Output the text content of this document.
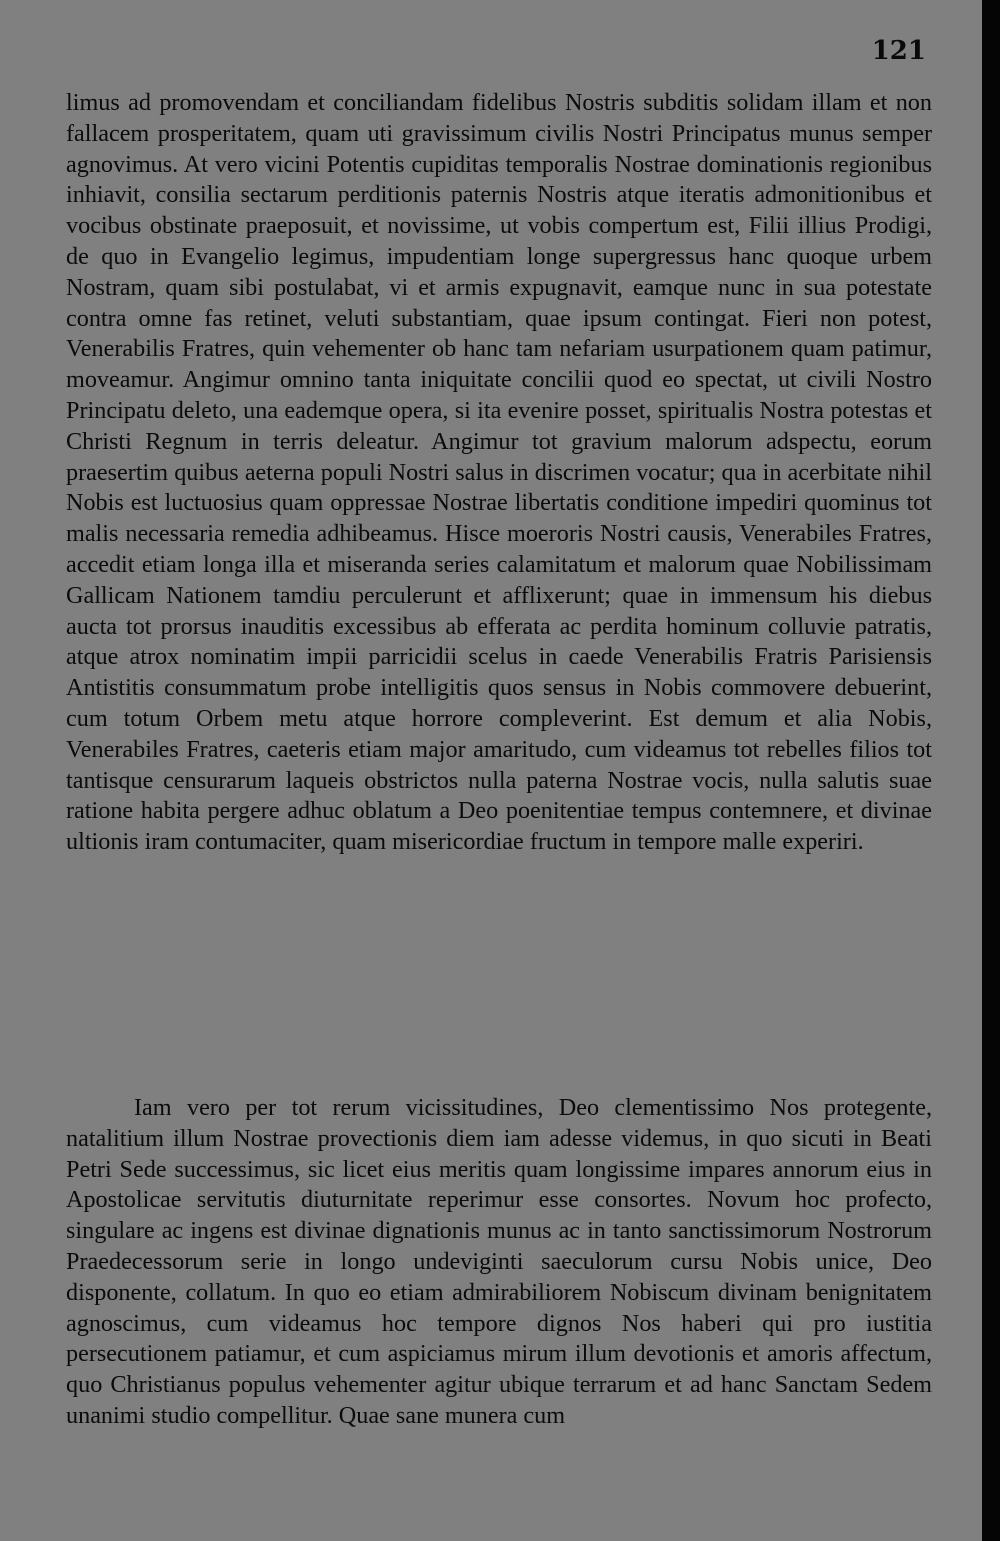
121

limus ad promovendam et conciliandam fidelibus Nostris subditis solidam illam et non fallacem prosperitatem, quam uti gravissimum civilis Nostri Principatus munus semper agnovimus. At vero vicini Potentis cupiditas temporalis Nostrae dominationis regionibus inhiavit, consilia sectarum perditionis paternis Nostris atque iteratis admonitionibus et vocibus obstinate praeposuit, et novissime, ut vobis compertum est, Filii illius Prodigi, de quo in Evangelio legimus, impudentiam longe supergressus hanc quoque urbem Nostram, quam sibi postulabat, vi et armis expugnavit, eamque nunc in sua potestate contra omne fas retinet, veluti substantiam, quae ipsum contingat. Fieri non potest, Venerabilis Fratres, quin vehementer ob hanc tam nefariam usurpationem quam patimur, moveamur. Angimur omnino tanta iniquitate concilii quod eo spectat, ut civili Nostro Principatu deleto, una eademque opera, si ita evenire posset, spiritualis Nostra potestas et Christi Regnum in terris deleatur. Angimur tot gravium malorum adspectu, eorum praesertim quibus aeterna populi Nostri salus in discrimen vocatur; qua in acerbitate nihil Nobis est luctuosius quam oppressae Nostrae libertatis conditione impediri quominus tot malis necessaria remedia adhibeamus. Hisce moeroris Nostri causis, Venerabiles Fratres, accedit etiam longa illa et miseranda series calamitatum et malorum quae Nobilissimam Gallicam Nationem tamdiu perculerunt et afflixerunt; quae in immensum his diebus aucta tot prorsus inauditis excessibus ab efferata ac perdita hominum colluvie patratis, atque atrox nominatim impii parricidii scelus in caede Venerabilis Fratris Parisiensis Antistitis consummatum probe intelligitis quos sensus in Nobis commovere debuerint, cum totum Orbem metu atque horrore compleverint. Est demum et alia Nobis, Venerabiles Fratres, caeteris etiam major amaritudo, cum videamus tot rebelles filios tot tantisque censurarum laqueis obstrictos nulla paterna Nostrae vocis, nulla salutis suae ratione habita pergere adhuc oblatum a Deo poenitentiae tempus contemnere, et divinae ultionis iram contumaciter, quam misericordiae fructum in tempore malle experiri.

Iam vero per tot rerum vicissitudines, Deo clementissimo Nos protegente, natalitium illum Nostrae provectionis diem iam adesse videmus, in quo sicuti in Beati Petri Sede successimus, sic licet eius meritis quam longissime impares annorum eius in Apostolicae servitutis diuturnitate reperimur esse consortes. Novum hoc profecto, singulare ac ingens est divinae dignationis munus ac in tanto sanctissimorum Nostrorum Praedecessorum serie in longo undeviginti saeculorum cursu Nobis unice, Deo disponente, collatum. In quo eo etiam admirabiliorem Nobiscum divinam benignitatem agnoscimus, cum videamus hoc tempore dignos Nos haberi qui pro iustitia persecutionem patiamur, et cum aspiciamus mirum illum devotionis et amoris affectum, quo Christianus populus vehementer agitur ubique terrarum et ad hanc Sanctam Sedem unanimi studio compellitur. Quae sane munera cum
